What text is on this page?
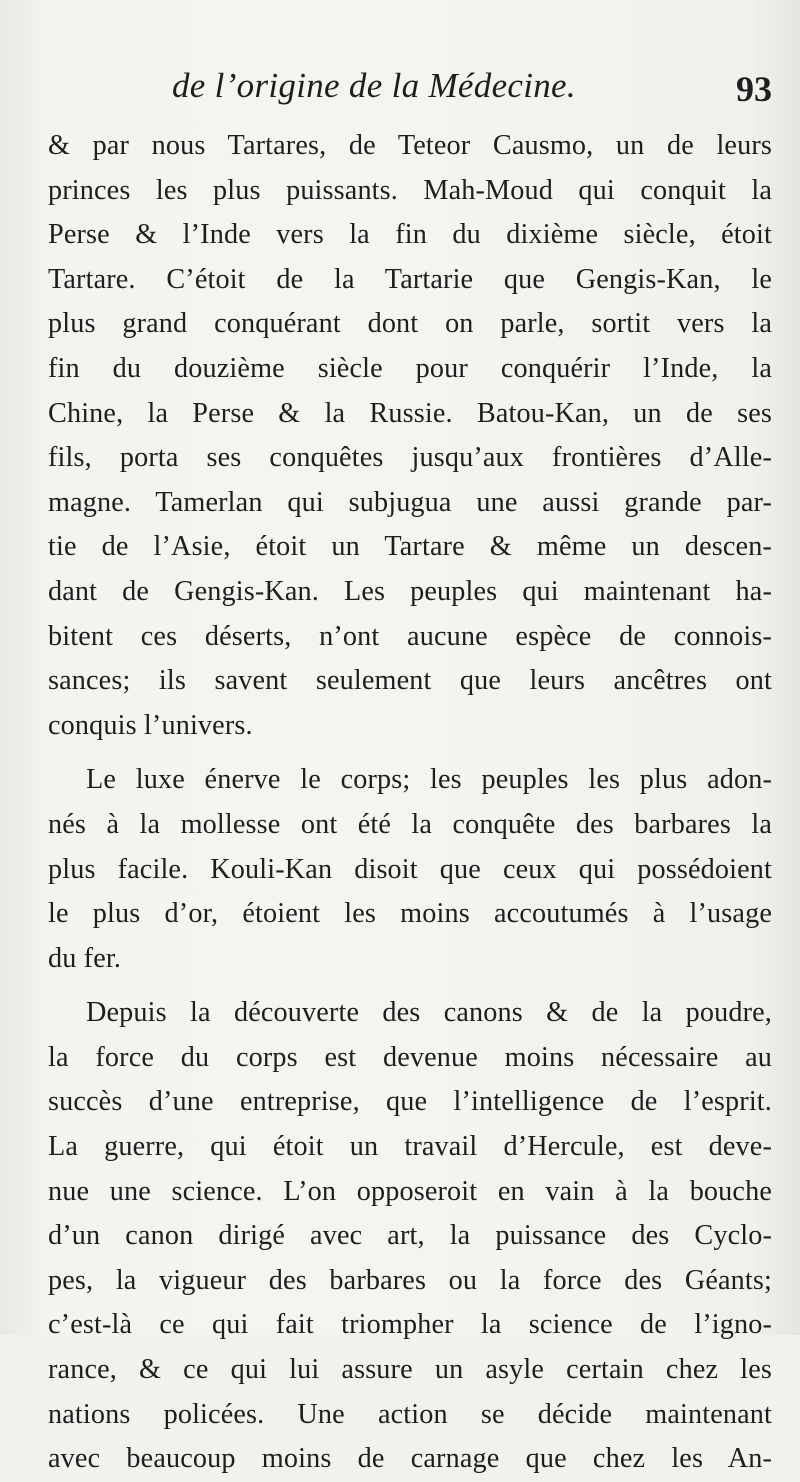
de l’origine de la Médecine.	93
& par nous Tartares, de Teteor Causmo, un de leurs
princes les plus puissants. Mah-Moud qui conquit la
Perse & l’Inde vers la fin du dixième siècle, étoit
Tartare. C’étoit de la Tartarie que Gengis-Kan, le
plus grand conquérant dont on parle, sortit vers la
fin du douzième siècle pour conquérir l’Inde, la
Chine, la Perse & la Russie. Batou-Kan, un de ses
fils, porta ses conquêtes jusqu’aux frontières d’Alle-
magne. Tamerlan qui subjugua une aussi grande par-
tie de l’Asie, étoit un Tartare & même un descen-
dant de Gengis-Kan. Les peuples qui maintenant ha-
bitent ces déserts, n’ont aucune espèce de connois-
sances; ils savent seulement que leurs ancêtres ont
conquis l’univers.
Le luxe énerve le corps; les peuples les plus adon-
nés à la mollesse ont été la conquête des barbares la
plus facile. Kouli-Kan disoit que ceux qui possédoient
le plus d’or, étoient les moins accoutumés à l’usage
du fer.
Depuis la découverte des canons & de la poudre,
la force du corps est devenue moins nécessaire au
succès d’une entreprise, que l’intelligence de l’esprit.
La guerre, qui étoit un travail d’Hercule, est deve-
nue une science. L’on opposeroit en vain à la bouche
d’un canon dirigé avec art, la puissance des Cyclo-
pes, la vigueur des barbares ou la force des Géants;
c’est-là ce qui fait triompher la science de l’igno-
rance, & ce qui lui assure un asyle certain chez les
nations policées. Une action se décide maintenant
avec beaucoup moins de carnage que chez les An-
